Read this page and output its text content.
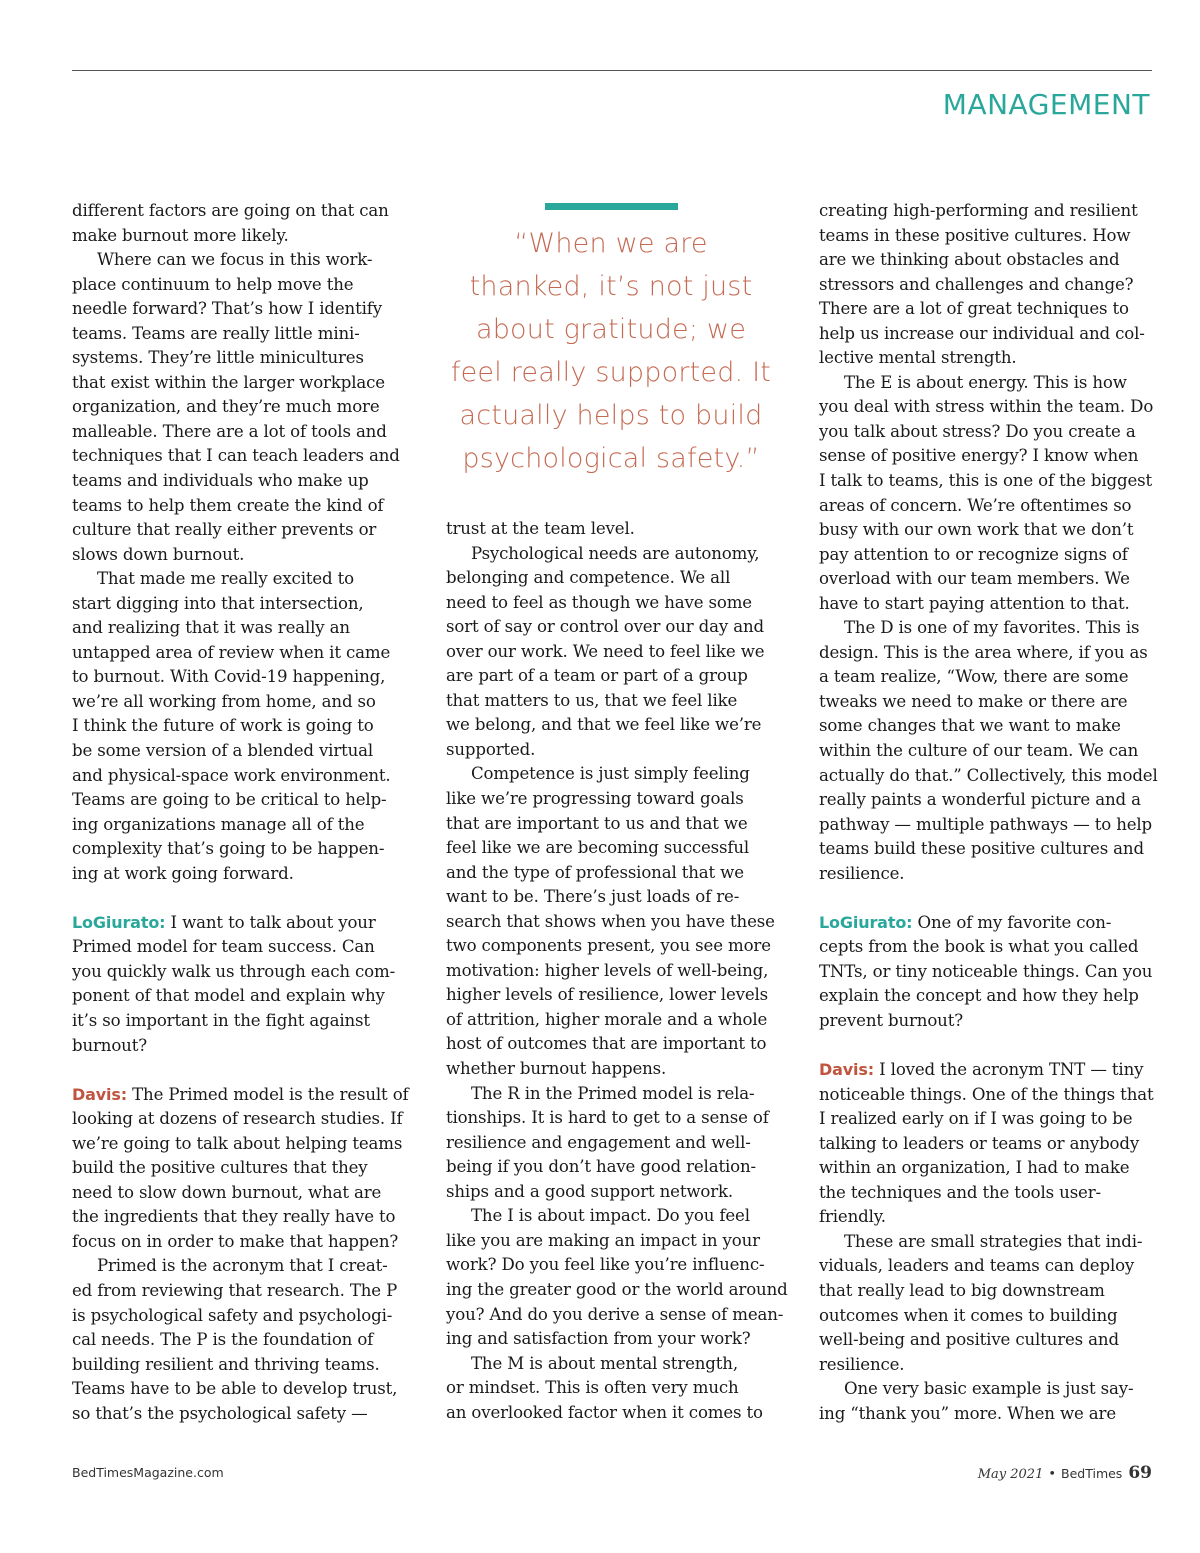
MANAGEMENT

different factors are going on that can
make burnout more likely.

Where can we focus in this work-
place continuum to help move the
needle forward? That’s how I identify
teams. Teams are really little mini-
systems. They’re little minicultures
that exist within the larger workplace
organization, and they’re much more
malleable. There are a lot of tools and
techniques that I can teach leaders and
teams and individuals who make up
teams to help them create the kind of
culture that really either prevents or
slows down burnout.

That made me really excited to
start digging into that intersection,
and realizing that it was really an
untapped area of review when it came
to burnout. With Covid-19 happening,
we’re all working from home, and so
I think the future of work is going to
be some version of a blended virtual
and physical-space work environment.
Teams are going to be critical to help-
ing organizations manage all of the
complexity that’s going to be happen-
ing at work going forward.

LoGiurato: I want to talk about your
Primed model for team success. Can
you quickly walk us through each com-
ponent of that model and explain why
it’s so important in the fight against
burnout?

Davis: The Primed model is the result of
looking at dozens of research studies. If
we’re going to talk about helping teams
build the positive cultures that they
need to slow down burnout, what are
the ingredients that they really have to
focus on in order to make that happen?

Primed is the acronym that I creat-
ed from reviewing that research. The P
is psychological safety and psychologi-
cal needs. The P is the foundation of
building resilient and thriving teams.
Teams have to be able to develop trust,
so that’s the psychological safety —

“When we are
thanked, it’s not just
about gratitude; we
feel really supported. It
actually helps to build
psychological safety.”

trust at the team level.

Psychological needs are autonomy,
belonging and competence. We all
need to feel as though we have some
sort of say or control over our day and
over our work. We need to feel like we
are part of a team or part of a group
that matters to us, that we feel like
we belong, and that we feel like we’re
supported.

Competence is just simply feeling
like we’re progressing toward goals
that are important to us and that we
feel like we are becoming successful
and the type of professional that we
want to be. There’s just loads of re-
search that shows when you have these
two components present, you see more
motivation: higher levels of well-being,
higher levels of resilience, lower levels
of attrition, higher morale and a whole
host of outcomes that are important to
whether burnout happens.

The R in the Primed model is rela-
tionships. It is hard to get to a sense of
resilience and engagement and well-
being if you don’t have good relation-
ships and a good support network.

The I is about impact. Do you feel
like you are making an impact in your
work? Do you feel like you’re influenc-
ing the greater good or the world around
you? And do you derive a sense of mean-
ing and satisfaction from your work?

The M is about mental strength,
or mindset. This is often very much
an overlooked factor when it comes to

creating high-performing and resilient
teams in these positive cultures. How
are we thinking about obstacles and
stressors and challenges and change?
There are a lot of great techniques to
help us increase our individual and col-
lective mental strength.

The E is about energy. This is how
you deal with stress within the team. Do
you talk about stress? Do you create a
sense of positive energy? I know when
I talk to teams, this is one of the biggest
areas of concern. We’re oftentimes so
busy with our own work that we don’t
pay attention to or recognize signs of
overload with our team members. We
have to start paying attention to that.

The D is one of my favorites. This is
design. This is the area where, if you as
a team realize, “Wow, there are some
tweaks we need to make or there are
some changes that we want to make
within the culture of our team. We can
actually do that.” Collectively, this model
really paints a wonderful picture and a
pathway — multiple pathways — to help
teams build these positive cultures and
resilience.

LoGiurato: One of my favorite con-
cepts from the book is what you called
TNTs, or tiny noticeable things. Can you
explain the concept and how they help
prevent burnout?

Davis: I loved the acronym TNT — tiny
noticeable things. One of the things that
I realized early on if I was going to be
talking to leaders or teams or anybody
within an organization, I had to make
the techniques and the tools user-
friendly.

These are small strategies that indi-
viduals, leaders and teams can deploy
that really lead to big downstream
outcomes when it comes to building
well-being and positive cultures and
resilience.

One very basic example is just say-
ing “thank you” more. When we are

BedTimesMagazine.com	May 2021 • BedTimes 69
